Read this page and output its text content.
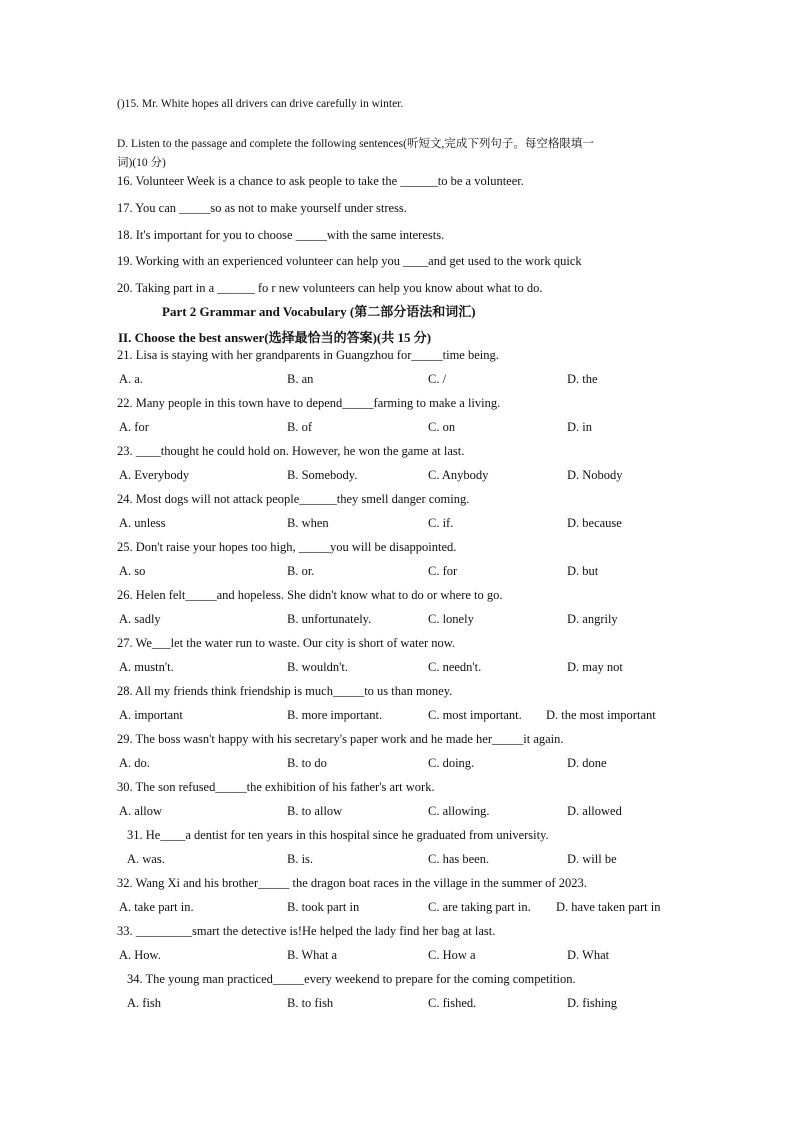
()15. Mr. White hopes all drivers can drive carefully in winter.
D. Listen to the passage and complete the following sentences(听短文,完成下列句子。每空格限填一
词)(10 分)
16. Volunteer Week is a chance to ask people to take the ______to be a volunteer.
17. You can _____so as not to make yourself under stress.
18. It's important for you to choose _____with the same interests.
19. Working with an experienced volunteer can help you ____and get used to the work quick
20. Taking part in a ______ fo r new volunteers can help you know about what to do.
Part 2 Grammar and Vocabulary (第二部分语法和词汇)
II. Choose the best answer(选择最恰当的答案)(共 15 分)
21. Lisa is staying with her grandparents in Guangzhou for_____time being.
A. a.	B. an	C. /	D. the
22. Many people in this town have to depend_____farming to make a living.
A. for	B. of	C. on	D. in
23. ____thought he could hold on. However, he won the game at last.
A. Everybody	B. Somebody.	C. Anybody	D. Nobody
24. Most dogs will not attack people______they smell danger coming.
A. unless	B. when	C. if.	D. because
25. Don't raise your hopes too high, _____you will be disappointed.
A. so	B. or.	C. for	D. but
26. Helen felt_____and hopeless. She didn't know what to do or where to go.
A. sadly	B. unfortunately.	C. lonely	D. angrily
27. We___let the water run to waste. Our city is short of water now.
A. mustn't.	B. wouldn't.	C. needn't.	D. may not
28. All my friends think friendship is much_____to us than money.
A. important	B. more important.	C. most important. D. the most important
29. The boss wasn't happy with his secretary's paper work and he made her_____it again.
A. do.	B. to do	C. doing.	D. done
30. The son refused_____the exhibition of his father's art work.
A. allow	B. to allow	C. allowing.	D. allowed
31. He____a dentist for ten years in this hospital since he graduated from university.
A. was.	B. is.	C. has been.	D. will be
32. Wang Xi and his brother_____ the dragon boat races in the village in the summer of 2023.
A. take part in.	B. took part in	C. are taking part in. D. have taken part in
33. _________smart the detective is!He helped the lady find her bag at last.
A. How.	B. What a	C. How a	D. What
34. The young man practiced_____every weekend to prepare for the coming competition.
A. fish	B. to fish	C. fished.	D. fishing
